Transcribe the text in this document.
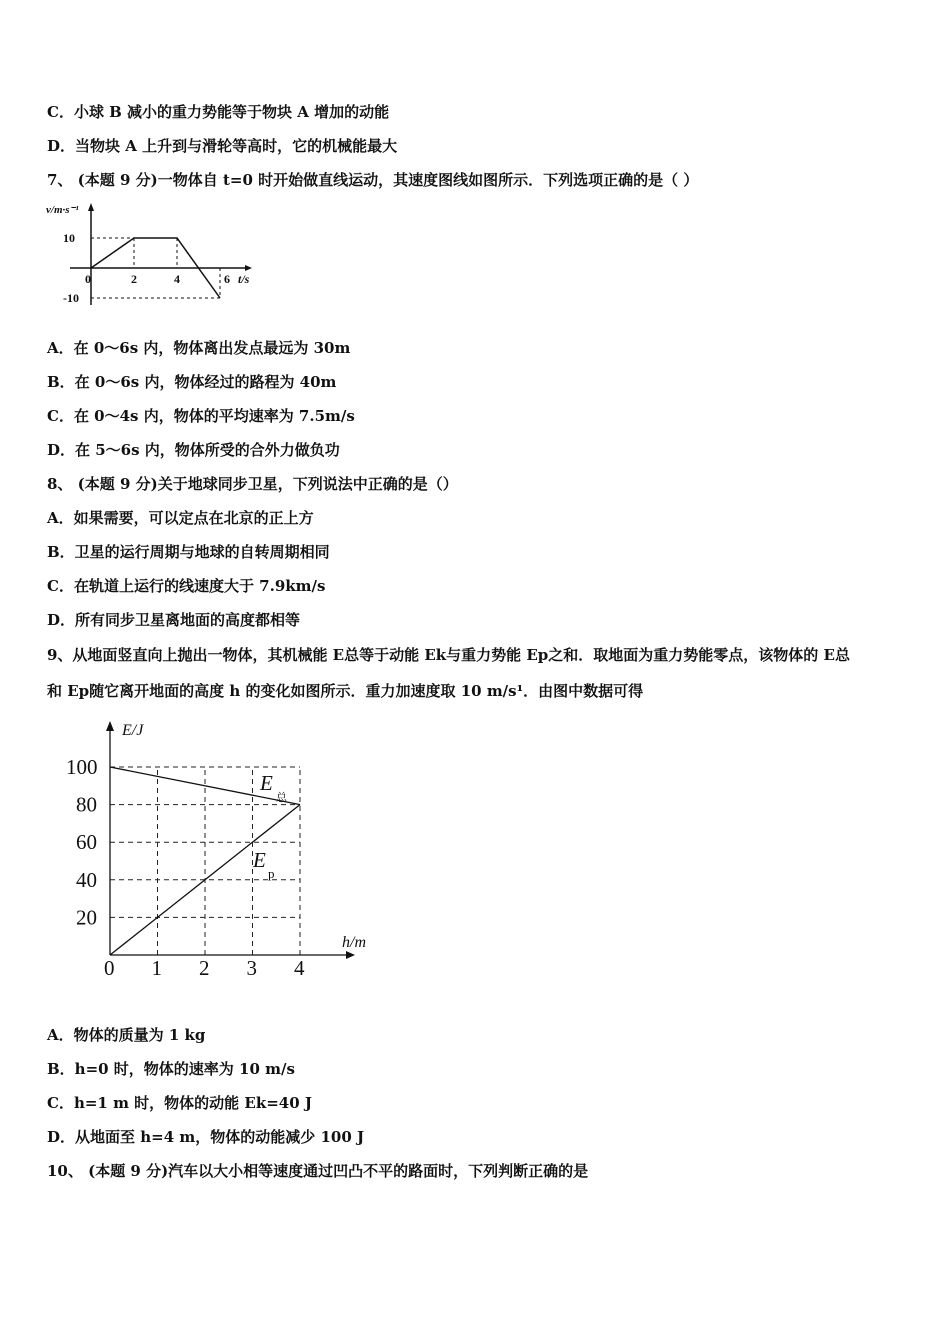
C．小球 B 减小的重力势能等于物块 A 增加的动能
D．当物块 A 上升到与滑轮等高时，它的机械能最大
7、 (本题 9 分)一物体自 t=0 时开始做直线运动，其速度图线如图所示．下列选项正确的是（ ）
0	2	4	6
10
-10
t/s
v/m·s⁻¹
A．在 0～6s 内，物体离出发点最远为 30m
B．在 0～6s 内，物体经过的路程为 40m
C．在 0～4s 内，物体的平均速率为 7.5m/s
D．在 5～6s 内，物体所受的合外力做负功
8、 (本题 9 分)关于地球同步卫星，下列说法中正确的是（）
A．如果需要，可以定点在北京的正上方
B．卫星的运行周期与地球的自转周期相同
C．在轨道上运行的线速度大于 7.9km/s
D．所有同步卫星离地面的高度都相等
9、从地面竖直向上抛出一物体，其机械能 E总等于动能 Ek与重力势能 Ep之和．取地面为重力势能零点，该物体的 E总
和 Ep随它离开地面的高度 h 的变化如图所示．重力加速度取 10 m/s¹．由图中数据可得
0 1 2 3 4
20
40
60
80
100
h/m
E/J
E
总
E
p
A．物体的质量为 1 kg
B．h=0 时，物体的速率为 10 m/s
C．h=1 m 时，物体的动能 Ek=40 J
D．从地面至 h=4 m，物体的动能减少 100 J
10、 (本题 9 分)汽车以大小相等速度通过凹凸不平的路面时，下列判断正确的是
